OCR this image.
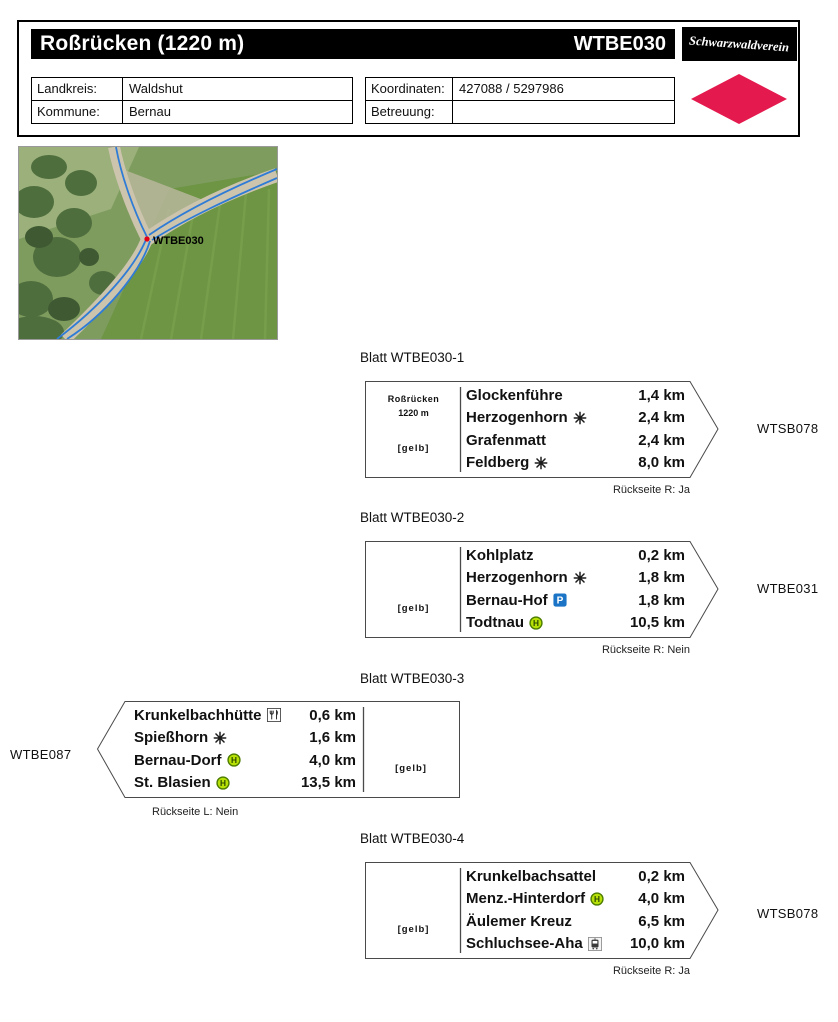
Roßrücken (1220 m)	WTBE030 Schwarzwaldverein
Landkreis:	Waldshut
Kommune:	Bernau
Koordinaten:	427088 / 5297986
Betreuung:
WTBE030
Blatt WTBE030-1
Roßrücken
1220 m
[gelb]
Glockenführe	1,4 km
Herzogenhorn	2,4 km
Grafenmatt	2,4 km
Feldberg	8,0 km
Rückseite R: Ja
WTSB078
Blatt WTBE030-2
[gelb]
Kohlplatz	0,2 km
Herzogenhorn	1,8 km
Bernau-Hof	1,8 km
Todtnau	10,5 km
Rückseite R: Nein
WTBE031
Blatt WTBE030-3
[gelb]
Krunkelbachhütte	0,6 km
Spießhorn	1,6 km
Bernau-Dorf	4,0 km
St. Blasien	13,5 km
Rückseite L: Nein
WTBE087
Blatt WTBE030-4
[gelb]
Krunkelbachsattel	0,2 km
Menz.-Hinterdorf	4,0 km
Äulemer Kreuz	6,5 km
Schluchsee-Aha	10,0 km
Rückseite R: Ja
WTSB078
